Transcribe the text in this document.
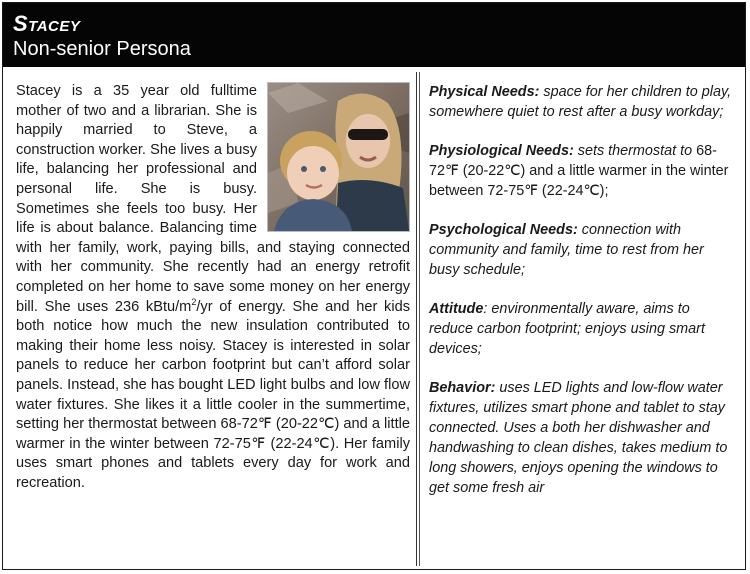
Stacey
Non-senior Persona
Stacey is a 35 year old fulltime mother of two and a librarian. She is happily married to Steve, a construction worker. She lives a busy life, balancing her professional and personal life. She is busy. Sometimes she feels too busy. Her life is about balance. Balancing time with her family, work, paying bills, and staying connected with her community. She recently had an energy retrofit completed on her home to save some money on her energy bill. She uses 236 kBtu/$m^2/yr$ of energy. She and her kids both notice how much the new insulation contributed to making their home less noisy. Stacey is interested in solar panels to reduce her carbon footprint but can’t afford solar panels. Instead, she has bought LED light bulbs and low flow water fixtures. She likes it a little cooler in the summertime, setting her thermostat between 68-72℉ (20-22℃) and a little warmer in the winter between 72-75℉ (22-24℃). Her family uses smart phones and tablets every day for work and recreation.

Physical Needs: space for her children to play, somewhere quiet to rest after a busy workday;

Physiological Needs: sets thermostat to 68-72℉ (20-22℃) and a little warmer in the winter between 72-75℉ (22-24℃);

Psychological Needs: connection with community and family, time to rest from her busy schedule;

Attitude: environmentally aware, aims to reduce carbon footprint; enjoys using smart devices;

Behavior: uses LED lights and low-flow water fixtures, utilizes smart phone and tablet to stay connected. Uses a both her dishwasher and handwashing to clean dishes, takes medium to long showers, enjoys opening the windows to get some fresh air
